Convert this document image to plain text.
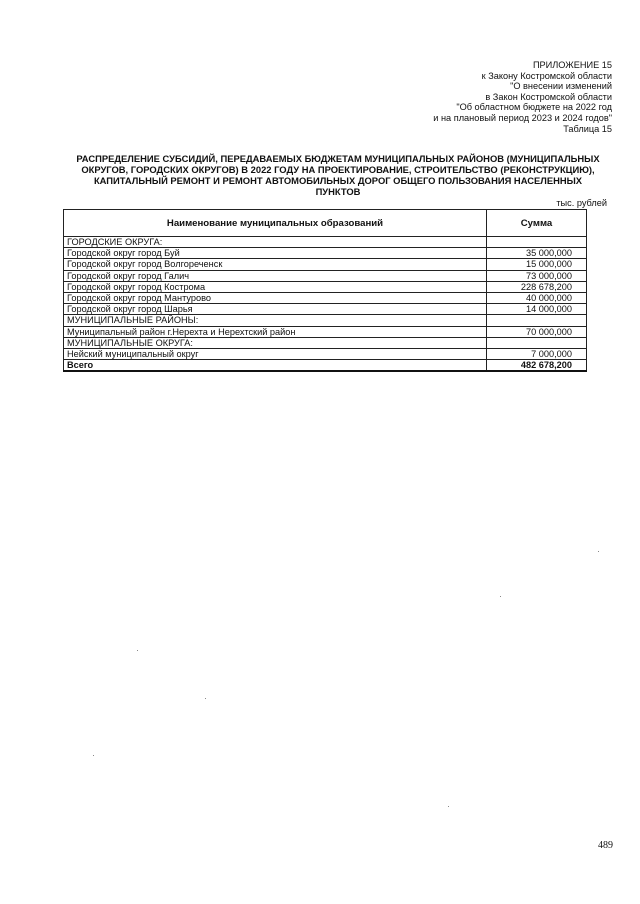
ПРИЛОЖЕНИЕ 15
к Закону Костромской области
"О внесении изменений
в Закон Костромской области
"Об областном бюджете на 2022 год
и на плановый период 2023 и 2024 годов"
Таблица 15
РАСПРЕДЕЛЕНИЕ СУБСИДИЙ, ПЕРЕДАВАЕМЫХ БЮДЖЕТАМ МУНИЦИПАЛЬНЫХ РАЙОНОВ (МУНИЦИПАЛЬНЫХ
ОКРУГОВ, ГОРОДСКИХ ОКРУГОВ) В 2022 ГОДУ НА ПРОЕКТИРОВАНИЕ, СТРОИТЕЛЬСТВО (РЕКОНСТРУКЦИЮ),
КАПИТАЛЬНЫЙ РЕМОНТ И РЕМОНТ АВТОМОБИЛЬНЫХ ДОРОГ ОБЩЕГО ПОЛЬЗОВАНИЯ НАСЕЛЕННЫХ
ПУНКТОВ
тыс. рублей
Наименование муниципальных образований	Сумма
ГОРОДСКИЕ ОКРУГА:	
Городской округ город Буй	35 000,000
Городской округ город Волгореченск	15 000,000
Городской округ город Галич	73 000,000
Городской округ город Кострома	228 678,200
Городской округ город Мантурово	40 000,000
Городской округ город Шарья	14 000,000
МУНИЦИПАЛЬНЫЕ РАЙОНЫ:	
Муниципальный район г.Нерехта и Нерехтский район	70 000,000
МУНИЦИПАЛЬНЫЕ ОКРУГА:	
Нейский муниципальный округ	7 000,000
Всего	482 678,200
489
